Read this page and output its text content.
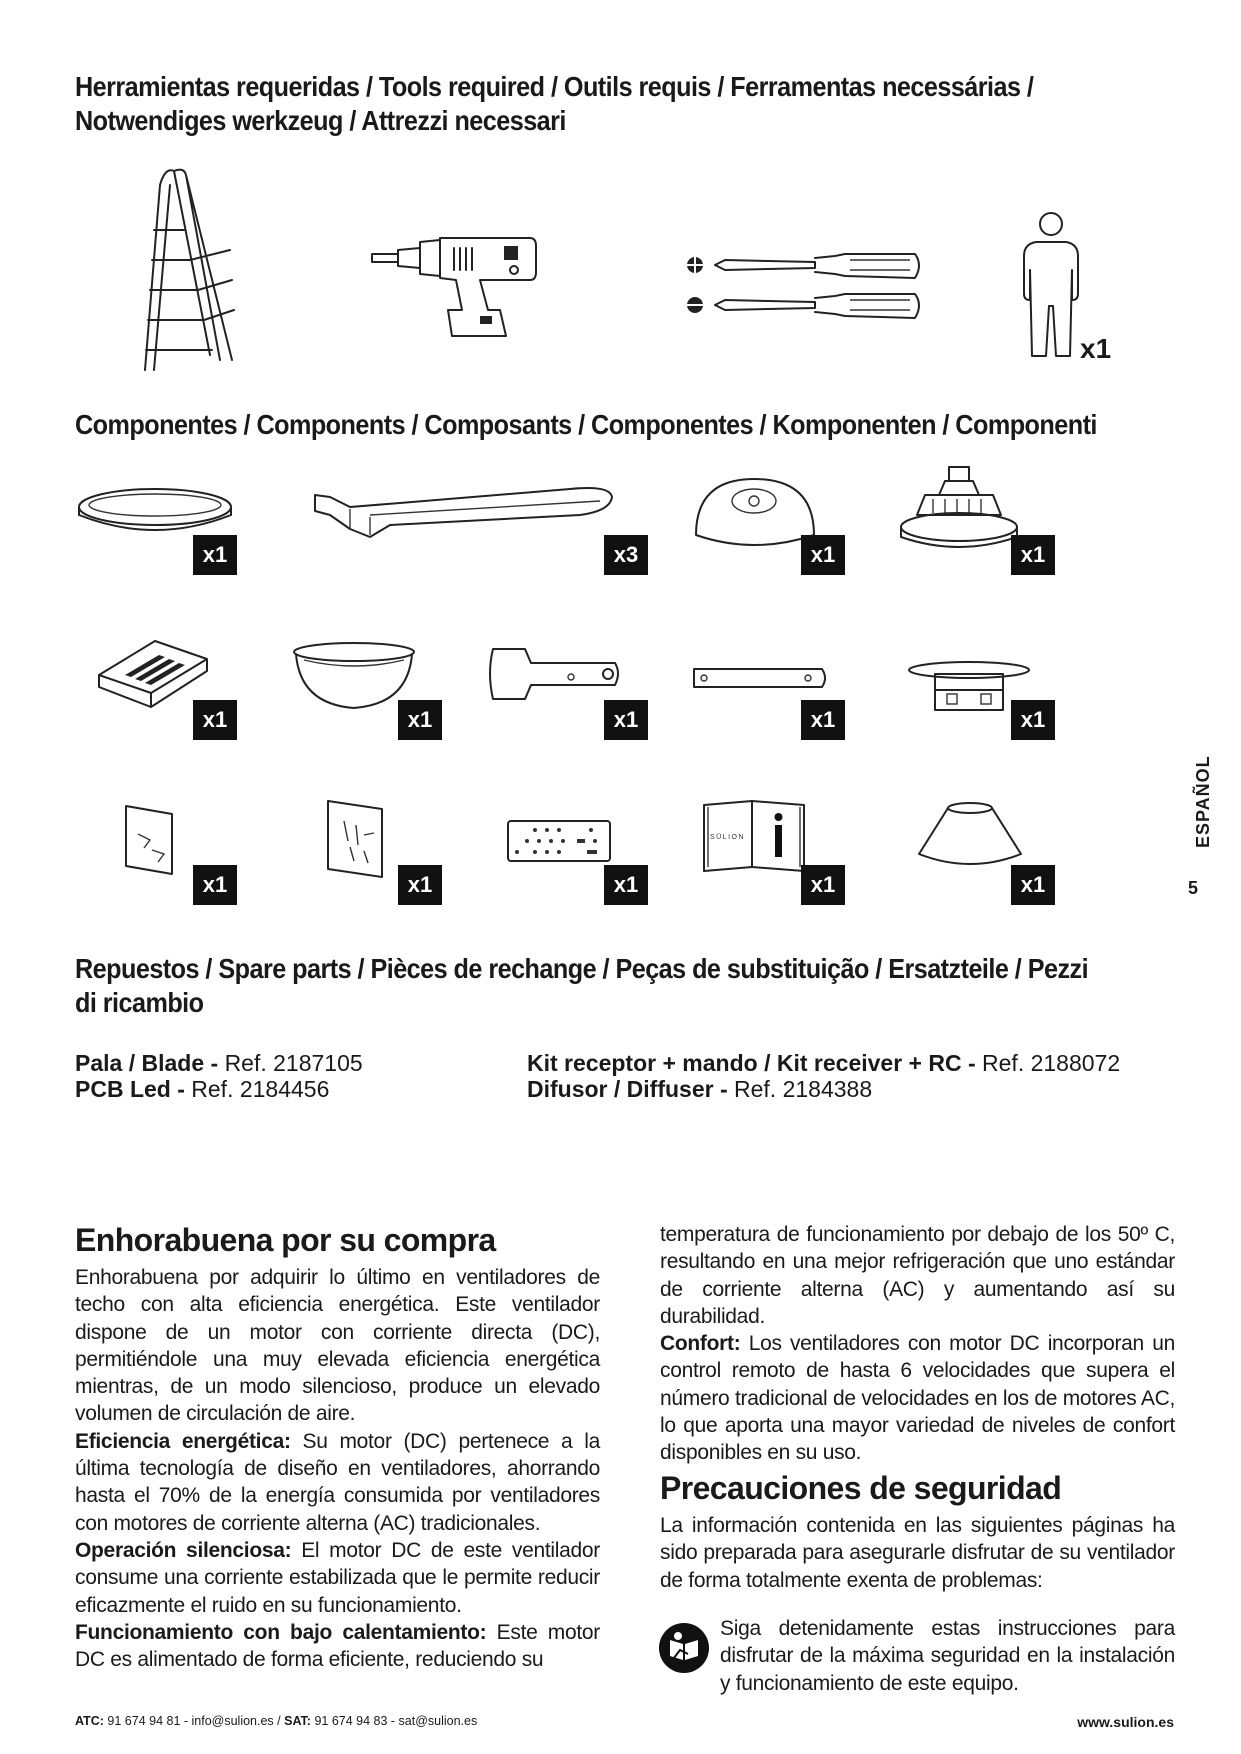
Herramientas requeridas / Tools required / Outils requis / Ferramentas necessárias /
Notwendiges werkzeug / Attrezzi necessari
x1
Componentes / Components / Composants / Componentes / Komponenten / Componenti
x1	x3	x1	x1
x1	x1	x1	x1	x1
x1	x1	x1
SŪLION
x1	x1
ESPAÑOL
5
Repuestos / Spare parts / Pièces de rechange / Peças de substituição / Ersatzteile / Pezzi
di ricambio
Pala / Blade - Ref. 2187105
PCB Led - Ref. 2184456
Kit receptor + mando / Kit receiver + RC - Ref. 2188072
Difusor / Diffuser - Ref. 2184388
Enhorabuena por su compra

Enhorabuena por adquirir lo último en ventiladores de techo con alta eficiencia energética. Este ventilador dispone de un motor con corriente directa (DC), permitiéndole una muy elevada eficiencia energética mientras, de un modo silencioso, produce un elevado volumen de circulación de aire.

Eficiencia energética: Su motor (DC) pertenece a la última tecnología de diseño en ventiladores, ahorrando hasta el 70% de la energía consumida por ventiladores con motores de corriente alterna (AC) tradicionales.

Operación silenciosa: El motor DC de este ventilador consume una corriente estabilizada que le permite reducir eficazmente el ruido en su funcionamiento.

Funcionamiento con bajo calentamiento: Este motor DC es alimentado de forma eficiente, reduciendo su

temperatura de funcionamiento por debajo de los 50º C, resultando en una mejor refrigeración que uno estándar de corriente alterna (AC) y aumentando así su durabilidad.

Confort: Los ventiladores con motor DC incorporan un control remoto de hasta 6 velocidades que supera el número tradicional de velocidades en los de motores AC, lo que aporta una mayor variedad de niveles de confort disponibles en su uso.

Precauciones de seguridad

La información contenida en las siguientes páginas ha sido preparada para asegurarle disfrutar de su ventilador de forma totalmente exenta de problemas:

Siga detenidamente estas instrucciones para disfrutar de la máxima seguridad en la instalación y funcionamiento de este equipo.

ATC: 91 674 94 81 - info@sulion.es / SAT: 91 674 94 83 - sat@sulion.es	www.sulion.es
